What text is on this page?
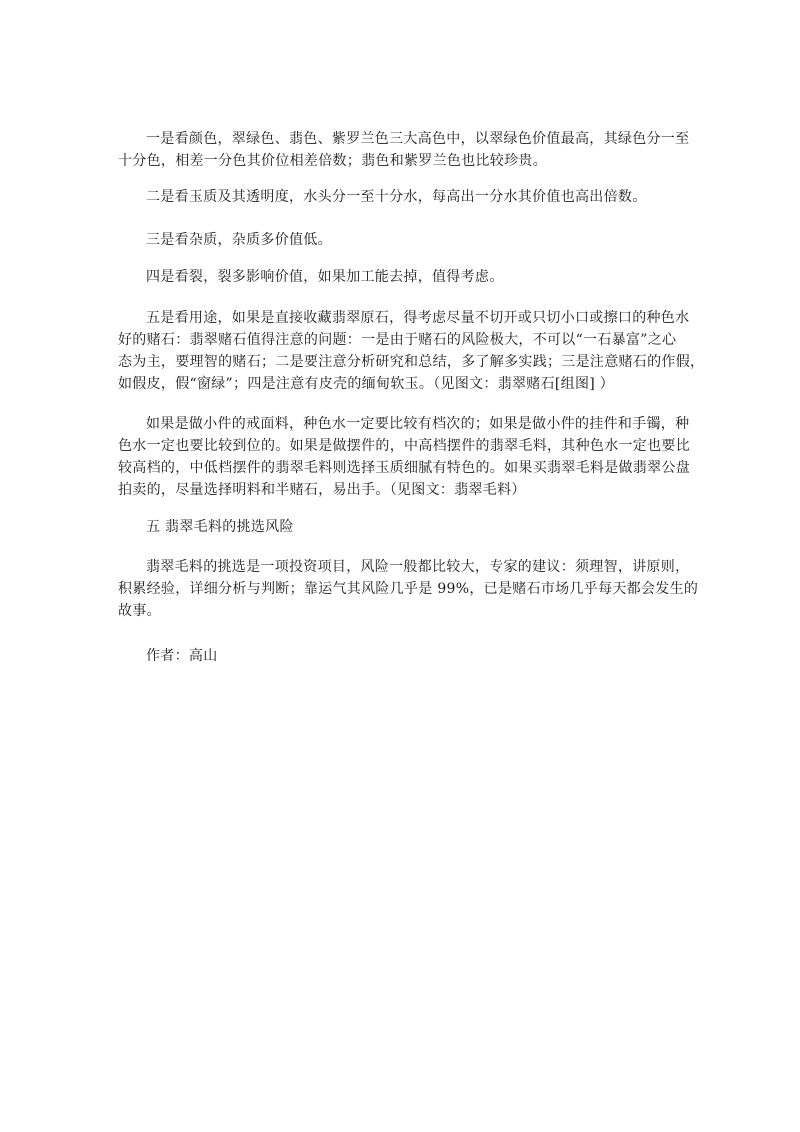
一是看颜色，翠绿色、翡色、紫罗兰色三大高色中，以翠绿色价值最高，其绿色分一至
十分色，相差一分色其价位相差倍数；翡色和紫罗兰色也比较珍贵。

二是看玉质及其透明度，水头分一至十分水，每高出一分水其价值也高出倍数。

三是看杂质，杂质多价值低。

四是看裂，裂多影响价值，如果加工能去掉，值得考虑。

五是看用途，如果是直接收藏翡翠原石，得考虑尽量不切开或只切小口或擦口的种色水
好的赌石：翡翠赌石值得注意的问题：一是由于赌石的风险极大，不可以“一石暴富”之心
态为主，要理智的赌石；二是要注意分析研究和总结，多了解多实践；三是注意赌石的作假，
如假皮，假“窗绿”；四是注意有皮壳的缅甸软玉。（见图文：翡翠赌石[组图] ）

如果是做小件的戒面料，种色水一定要比较有档次的；如果是做小件的挂件和手镯，种
色水一定也要比较到位的。如果是做摆件的，中高档摆件的翡翠毛料，其种色水一定也要比
较高档的，中低档摆件的翡翠毛料则选择玉质细腻有特色的。如果买翡翠毛料是做翡翠公盘
拍卖的，尽量选择明料和半赌石，易出手。（见图文：翡翠毛料）

五 翡翠毛料的挑选风险

翡翠毛料的挑选是一项投资项目，风险一般都比较大，专家的建议：须理智，讲原则，
积累经验，详细分析与判断；靠运气其风险几乎是 99%，已是赌石市场几乎每天都会发生的
故事。

作者：高山
